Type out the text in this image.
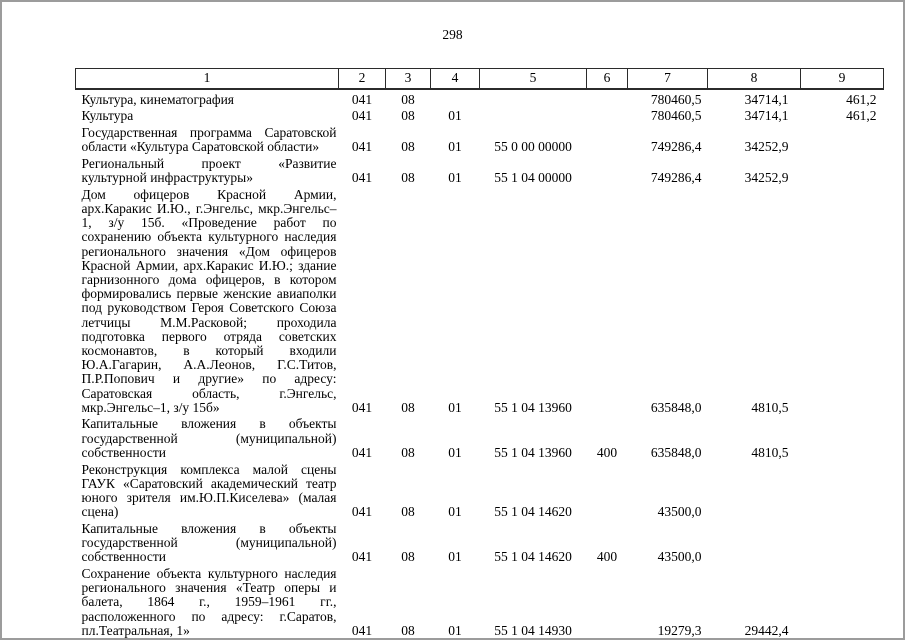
298
1	2	3	4	5	6	7	8	9
Культура, кинематография	041	08				780460,5	34714,1	461,2
Культура	041	08	01			780460,5	34714,1	461,2
Государственная программа Саратовской области «Культура Саратовской области»	041	08	01	55 0 00 00000		749286,4	34252,9	
Региональный проект «Развитие культурной инфраструктуры»	041	08	01	55 1 04 00000		749286,4	34252,9	
Дом офицеров Красной Армии, арх.Каракис И.Ю., г.Энгельс, мкр.Энгельс–1, з/у 15б. «Проведение работ по сохранению объекта культурного наследия регионального значения «Дом офицеров Красной Армии, арх.Каракис И.Ю.; здание гарнизонного дома офицеров, в котором формировались первые женские авиаполки под руководством Героя Советского Союза летчицы М.М.Расковой; проходила подготовка первого отряда советских космонавтов, в который входили Ю.А.Гагарин, А.А.Леонов, Г.С.Титов, П.Р.Попович и другие» по адресу: Саратовская область, г.Энгельс, мкр.Энгельс–1, з/у 15б»	041	08	01	55 1 04 13960		635848,0	4810,5	
Капитальные вложения в объекты государственной (муниципальной) собственности	041	08	01	55 1 04 13960	400	635848,0	4810,5	
Реконструкция комплекса малой сцены ГАУК «Саратовский академический театр юного зрителя им.Ю.П.Киселева» (малая сцена)	041	08	01	55 1 04 14620		43500,0		
Капитальные вложения в объекты государственной (муниципальной) собственности	041	08	01	55 1 04 14620	400	43500,0		
Сохранение объекта культурного наследия регионального значения «Театр оперы и балета, 1864 г., 1959–1961 гг., расположенного по адресу: г.Саратов, пл.Театральная, 1»	041	08	01	55 1 04 14930		19279,3	29442,4	
